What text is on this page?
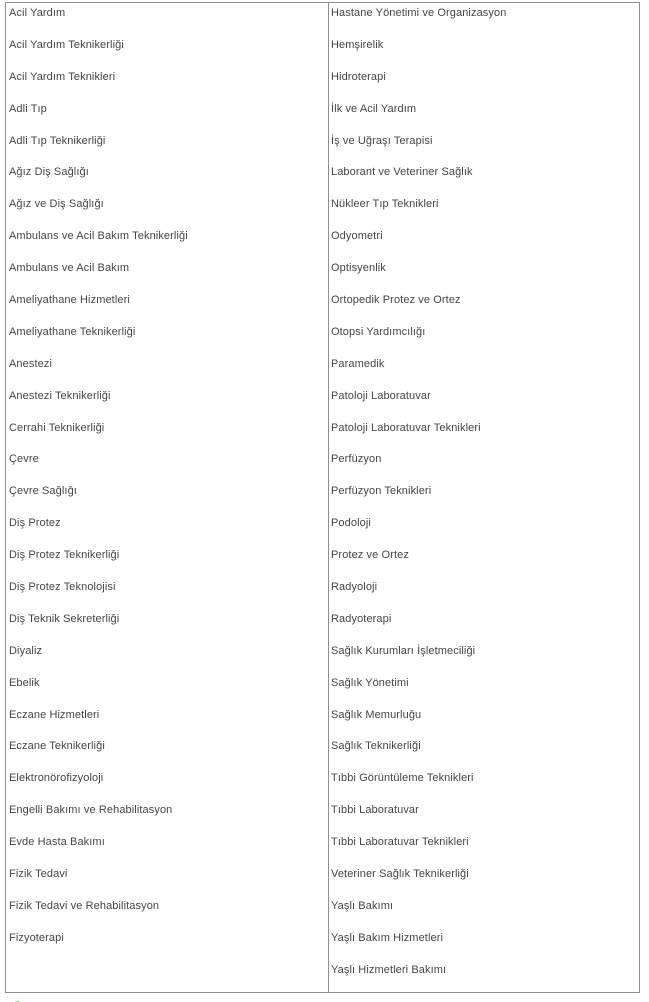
Acil Yardım
Acil Yardım Teknikerliği
Acil Yardım Teknikleri
Adli Tıp
Adli Tıp Teknikerliği
Ağız Diş Sağlığı
Ağız ve Diş Sağlığı
Ambulans ve Acil Bakım Teknikerliği
Ambulans ve Acil Bakım
Ameliyathane Hizmetleri
Ameliyathane Teknikerliği
Anestezi
Anestezi Teknikerliği
Cerrahi Teknikerliği
Çevre
Çevre Sağlığı
Diş Protez
Diş Protez Teknikerliği
Diş Protez Teknolojisi
Diş Teknik Sekreterliği
Diyaliz
Ebelik
Eczane Hizmetleri
Eczane Teknikerliği
Elektronörofizyoloji
Engelli Bakımı ve Rehabilitasyon
Evde Hasta Bakımı
Fizik Tedavi
Fizik Tedavi ve Rehabilitasyon
Fizyoterapi
Hastane Yönetimi ve Organizasyon
Hemşirelik
Hidroterapi
İlk ve Acil Yardım
İş ve Uğraşı Terapisi
Laborant ve Veteriner Sağlık
Nükleer Tıp Teknikleri
Odyometri
Optisyenlik
Ortopedik Protez ve Ortez
Otopsi Yardımcılığı
Paramedik
Patoloji Laboratuvar
Patoloji Laboratuvar Teknikleri
Perfüzyon
Perfüzyon Teknikleri
Podoloji
Protez ve Ortez
Radyoloji
Radyoterapi
Sağlık Kurumları İşletmeciliği
Sağlık Yönetimi
Sağlık Memurluğu
Sağlık Teknikerliği
Tıbbi Görüntüleme Teknikleri
Tıbbi Laboratuvar
Tıbbi Laboratuvar Teknikleri
Veteriner Sağlık Teknikerliği
Yaşlı Bakımı
Yaşlı Bakım Hizmetleri
Yaşlı Hizmetleri Bakımı
